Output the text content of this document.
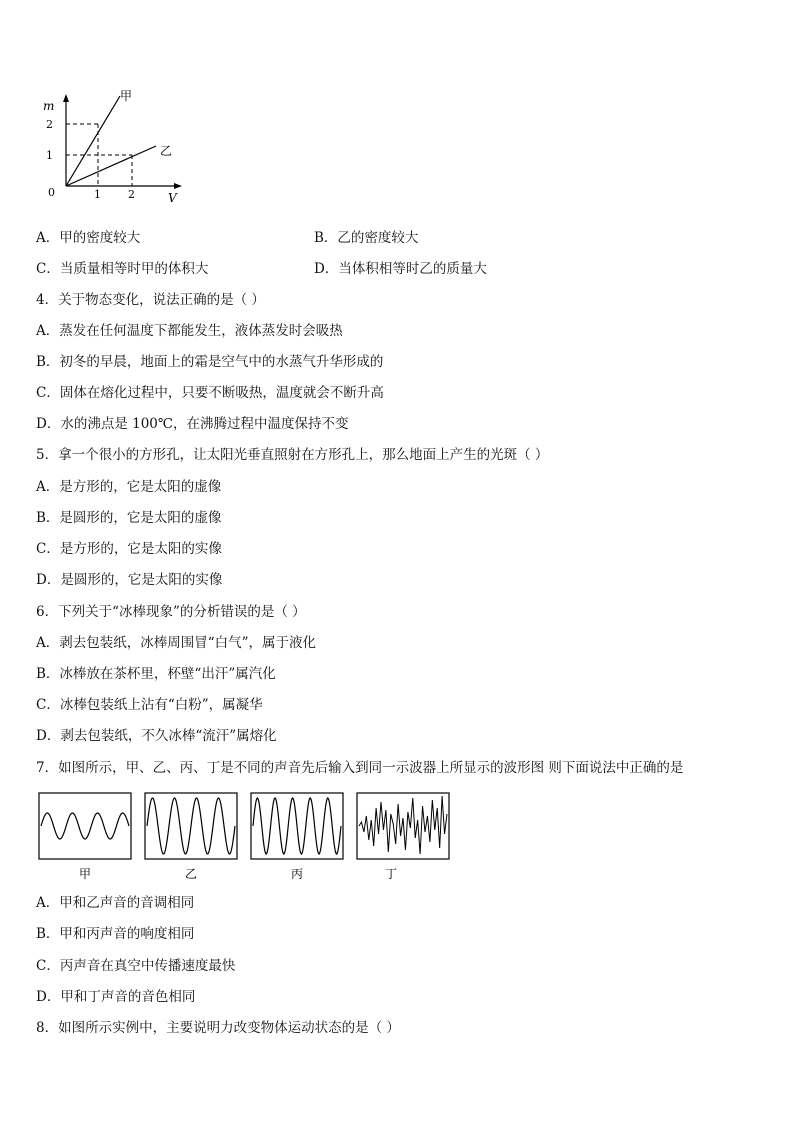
m
V
0
2
1
1 2
甲
乙
A．甲的密度较大	B．乙的密度较大
C．当质量相等时甲的体积大	D．当体积相等时乙的质量大
4．关于物态变化，说法正确的是（ ）
A．蒸发在任何温度下都能发生，液体蒸发时会吸热
B．初冬的早晨，地面上的霜是空气中的水蒸气升华形成的
C．固体在熔化过程中，只要不断吸热，温度就会不断升高
D．水的沸点是 100℃，在沸腾过程中温度保持不变
5．拿一个很小的方形孔，让太阳光垂直照射在方形孔上，那么地面上产生的光斑（ ）
A．是方形的，它是太阳的虚像
B．是圆形的，它是太阳的虚像
C．是方形的，它是太阳的实像
D．是圆形的，它是太阳的实像
6．下列关于“冰棒现象”的分析错误的是（ ）
A．剥去包装纸，冰棒周围冒“白气”，属于液化
B．冰棒放在茶杯里，杯壁“出汗”属汽化
C．冰棒包装纸上沾有“白粉”，属凝华
D．剥去包装纸，不久冰棒“流汗”属熔化
7．如图所示，甲、乙、丙、丁是不同的声音先后输入到同一示波器上所显示的波形图 则下面说法中正确的是
甲	乙	丙	丁
A．甲和乙声音的音调相同
B．甲和丙声音的响度相同
C．丙声音在真空中传播速度最快
D．甲和丁声音的音色相同
8．如图所示实例中，主要说明力改变物体运动状态的是（ ）
